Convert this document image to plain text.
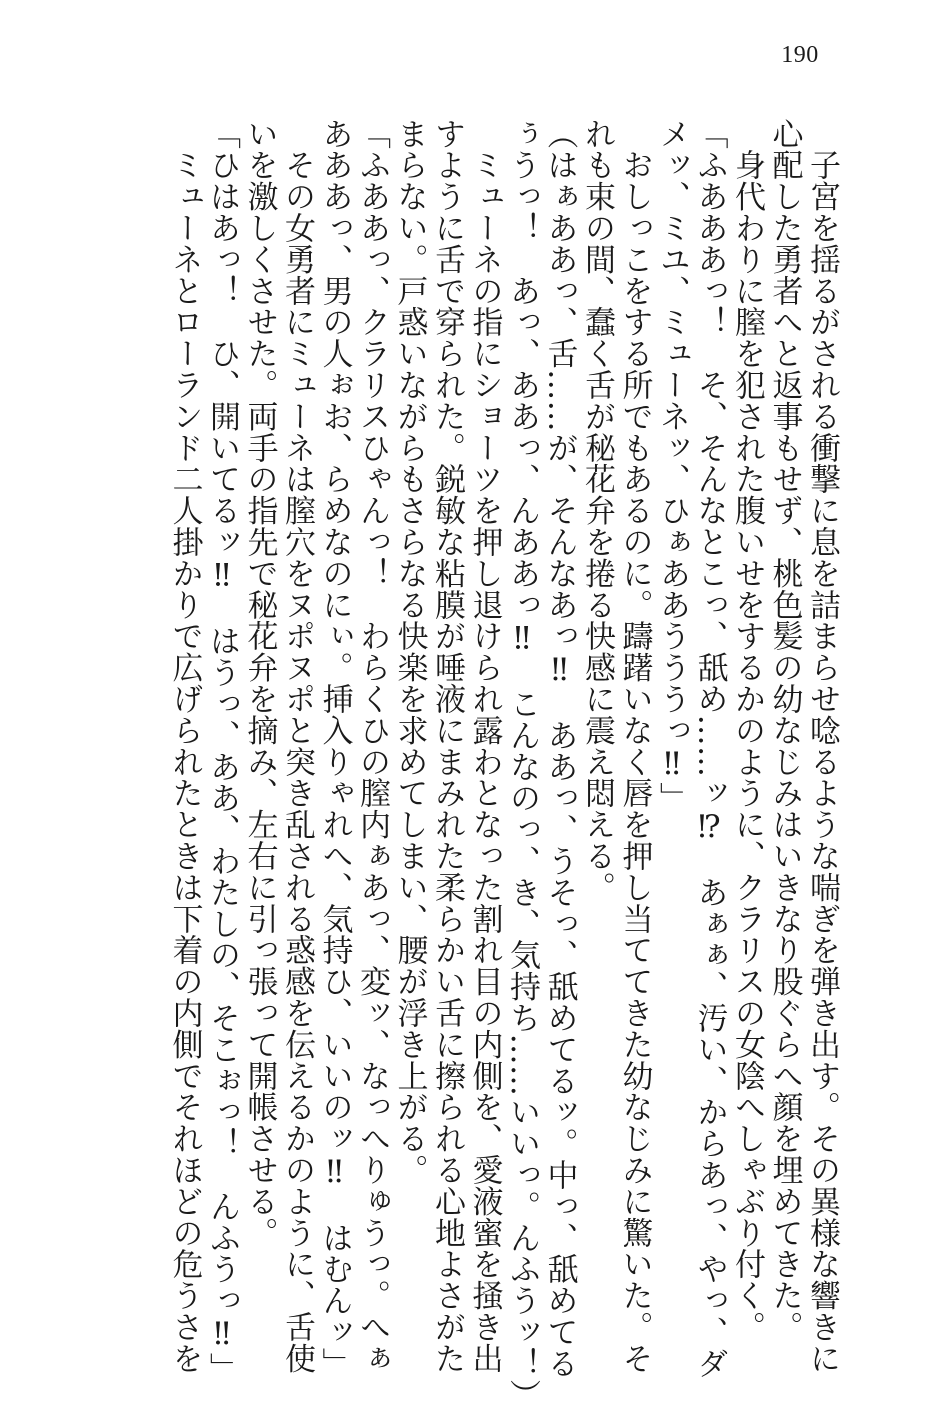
190
　子宮を揺るがされる衝撃に息を詰まらせ唸るような喘ぎを弾き出す。その異様な響きに
心配した勇者へと返事もせず、桃色髪の幼なじみはいきなり股ぐらへ顔を埋めてきた。
　身代わりに膣を犯された腹いせをするかのように、クラリスの女陰へしゃぶり付く。
「ふあああっ！　そ、そんなとこっ、舐め……ッ⁉　あぁぁ、汚い、からあっ、やっ、ダ
メッ、ミユ、ミューネッ、ひぁああうううっ‼」
　おしっこをする所でもあるのに。躊躇いなく唇を押し当ててきた幼なじみに驚いた。そ
れも束の間、蠢く舌が秘花弁を捲る快感に震え悶える。
（はぁああっ、舌……が、そんなあっ‼　ああっ、うそっ、舐めてるッ。中っ、舐めてる
ぅうっ！　あっ、ああっ、んああっ‼　こんなのっ、き、気持ち……いいっ。んふうッ！）
　ミューネの指にショーツを押し退けられ露わとなった割れ目の内側を、愛液蜜を掻き出
すように舌で穿られた。鋭敏な粘膜が唾液にまみれた柔らかい舌に擦られる心地よさがた
まらない。戸惑いながらもさらなる快楽を求めてしまい、腰が浮き上がる。
「ふああっ、クラリスひゃんっ！　わらくひの膣内ぁあっ、変ッ、なっへりゅうっ。へぁ
あああっ、男の人ぉお、らめなのにぃ。挿入りゃれへ、気持ひ、いいのッ‼　はむんッ」
　その女勇者にミューネは膣穴をヌポヌポと突き乱される惑感を伝えるかのように、舌使
いを激しくさせた。両手の指先で秘花弁を摘み、左右に引っ張って開帳させる。
「ひはあっ！　ひ、開いてるッ‼　はうっ、ああ、わたしの、そこぉっ！　んふうっ‼」
　ミューネとローランド二人掛かりで広げられたときは下着の内側でそれほどの危うさを
